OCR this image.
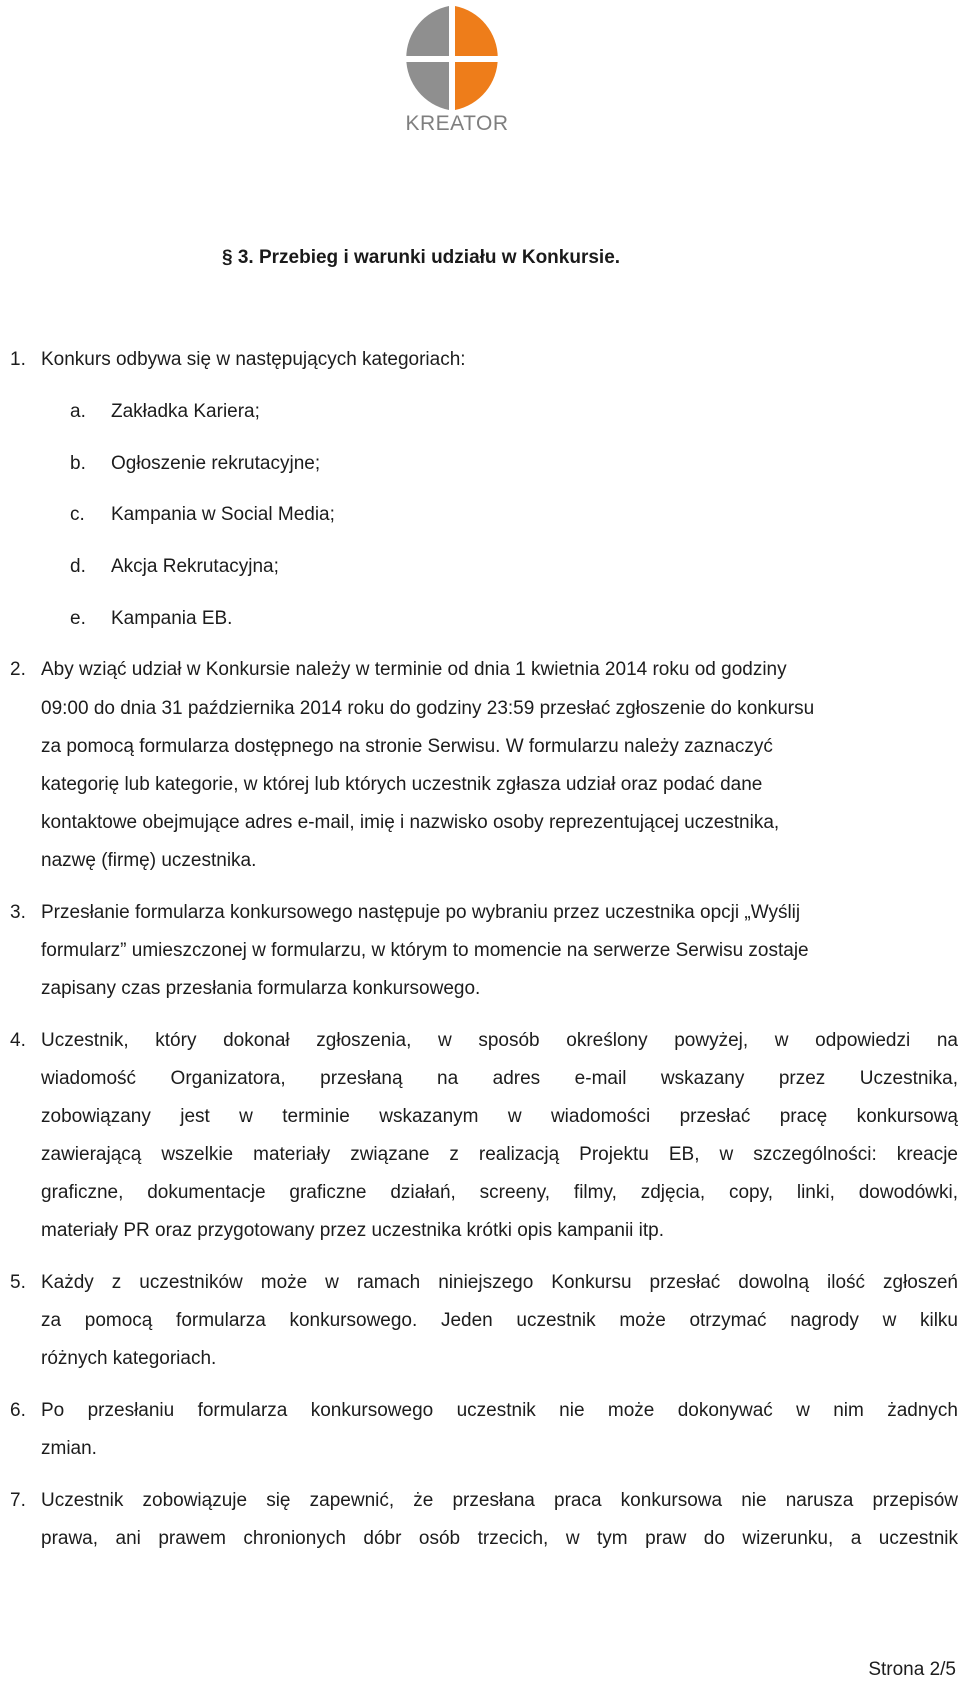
KREATOR
§ 3. Przebieg i warunki udziału w Konkursie.
1. Konkurs odbywa się w następujących kategoriach:
a. Zakładka Kariera;
b. Ogłoszenie rekrutacyjne;
c. Kampania w Social Media;
d. Akcja Rekrutacyjna;
e. Kampania EB.
2. Aby wziąć udział w Konkursie należy w terminie od dnia 1 kwietnia 2014 roku od godziny
09:00 do dnia 31 października 2014 roku do godziny 23:59 przesłać zgłoszenie do konkursu
za pomocą formularza dostępnego na stronie Serwisu. W formularzu należy zaznaczyć
kategorię lub kategorie, w której lub których uczestnik zgłasza udział oraz podać dane
kontaktowe obejmujące adres e-mail, imię i nazwisko osoby reprezentującej uczestnika,
nazwę (firmę) uczestnika.
3. Przesłanie formularza konkursowego następuje po wybraniu przez uczestnika opcji „Wyślij
formularz” umieszczonej w formularzu, w którym to momencie na serwerze Serwisu zostaje
zapisany czas przesłania formularza konkursowego.
4. Uczestnik, który dokonał zgłoszenia, w sposób określony powyżej, w odpowiedzi na
wiadomość Organizatora, przesłaną na adres e-mail wskazany przez Uczestnika,
zobowiązany jest w terminie wskazanym w wiadomości przesłać pracę konkursową
zawierającą wszelkie materiały związane z realizacją Projektu EB, w szczególności: kreacje
graficzne, dokumentacje graficzne działań, screeny, filmy, zdjęcia, copy, linki, dowodówki,
materiały PR oraz przygotowany przez uczestnika krótki opis kampanii itp.
5. Każdy z uczestników może w ramach niniejszego Konkursu przesłać dowolną ilość zgłoszeń
za pomocą formularza konkursowego. Jeden uczestnik może otrzymać nagrody w kilku
różnych kategoriach.
6. Po przesłaniu formularza konkursowego uczestnik nie może dokonywać w nim żadnych
zmian.
7. Uczestnik zobowiązuje się zapewnić, że przesłana praca konkursowa nie narusza przepisów
prawa, ani prawem chronionych dóbr osób trzecich, w tym praw do wizerunku, a uczestnik
Strona 2/5
